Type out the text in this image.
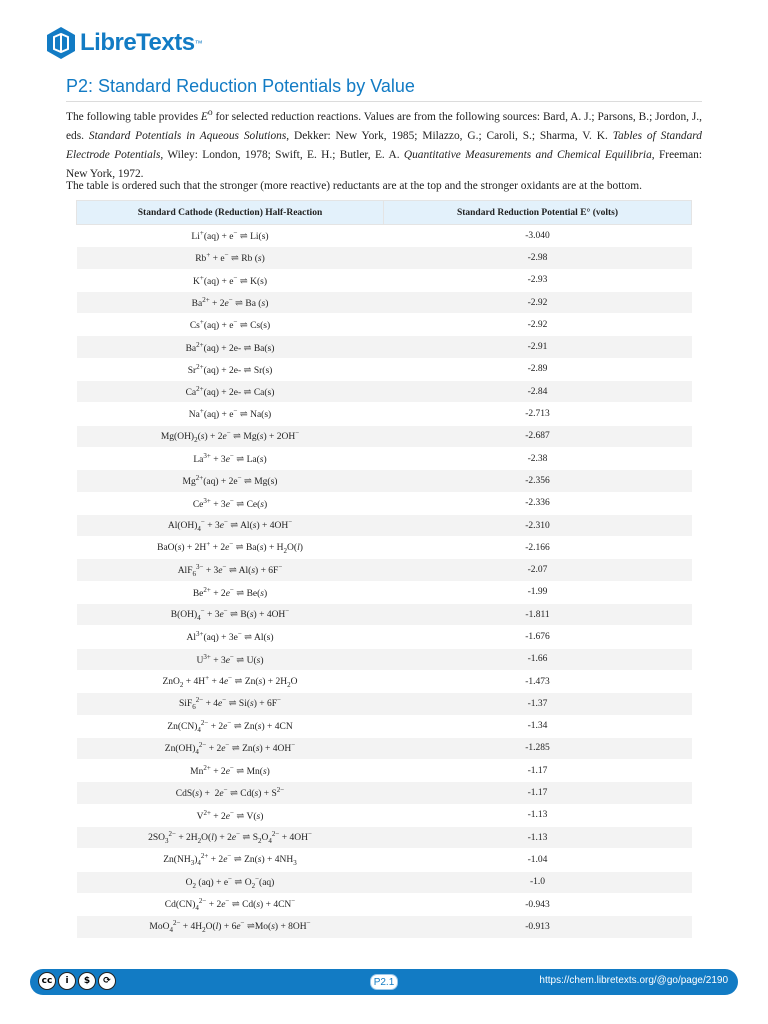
LibreTexts ™
P2: Standard Reduction Potentials by Value

The following table provides $E^o$ for selected reduction reactions. Values are from the following sources: Bard, A. J.; Parsons, B.; Jordon, J., eds. Standard Potentials in Aqueous Solutions, Dekker: New York, 1985; Milazzo, G.; Caroli, S.; Sharma, V. K. Tables of Standard Electrode Potentials, Wiley: London, 1978; Swift, E. H.; Butler, E. A. Quantitative Measurements and Chemical Equilibria, Freeman: New York, 1972.

The table is ordered such that the stronger (more reactive) reductants are at the top and the stronger oxidants are at the bottom.

Standard Cathode (Reduction) Half-Reaction	Standard Reduction Potential E° (volts)
Li+(aq) + e− ⇌ Li(s)	-3.040
Rb+ + e− ⇌ Rb (s)	-2.98
K+(aq) + e− ⇌ K(s)	-2.93
$Ba^{2+} + 2e^-$ ⇌ Ba (s)	-2.92
Cs+(aq) + e− ⇌ Cs(s)	-2.92
$Ba^{2+}(aq) + 2e-$ ⇌ Ba(s)	-2.91
$Sr^{2+}(aq) + 2e-$ ⇌ Sr(s)	-2.89
$Ca^{2+}(aq) + 2e-$ ⇌ Ca(s)	-2.84
Na+(aq) + e− ⇌ Na(s)	-2.713
$Mg(OH)_2(s) + 2e^-$ ⇌ Mg(s) + 2OH−	-2.687
$La^{3+} + 3e^-$ ⇌ La(s)	-2.38
$Mg^{2+}(aq) + 2e^-$ ⇌ Mg(s)	-2.356
$Ce^{3+} + 3e^-$ ⇌ Ce(s)	-2.336
$Al(OH)_4^- + 3e^-$ ⇌ Al(s) + 4OH−	-2.310
BaO(s) + 2H+ + 2e− ⇌ $Ba(s) + H_2O(l)$	-2.166
AlF$_6^{3-}$ + 3e− ⇌ Al(s) + 6F−	-2.07
$Be^{2+} + 2e^-$ ⇌ Be(s)	-1.99
$B(OH)_4^- + 3e^-$ ⇌ B(s) + 4OH−	-1.811
$Al^{3+}(aq) + 3e^-$ ⇌ Al(s)	-1.676
$U^{3+} + 3e^-$ ⇌ U(s)	-1.66
ZnO$_2$ + 4H+ + 4e− ⇌ $Zn(s) + 2H_2O$	-1.473
SiF$_6^{2-}$ + 4e− ⇌ Si(s) + 6F−	-1.37
$Zn(CN)_4^{2-} + 2e^-$ ⇌ Zn(s) + 4CN	-1.34
$Zn(OH)_4^{2-} + 2e^-$ ⇌ Zn(s) + 4OH−	-1.285
$Mn^{2+} + 2e^-$ ⇌ Mn(s)	-1.17
CdS(s) +  2e− ⇌ $Cd(s) + S^{2-}$	-1.17
$V^{2+} + 2e^-$ ⇌ V(s)	-1.13
$2SO_3^{2-} + 2H_2O(l) + 2e^-$ ⇌ $S_2O_4^{2-} + 4OH^-$	-1.13
$Zn(NH_3)_4^{2+} + 2e^-$ ⇌ $Zn(s) + 4NH_3$	-1.04
$O_2$ (aq) + e− ⇌ $O_2^-(aq)$	-1.0
$Cd(CN)_4^{2-} + 2e^-$ ⇌ Cd(s) + 4CN−	-0.943
$MoO_4^{2-} + 4H_2O(l) + 6e^-$ ⇌Mo(s) + 8OH−	-0.913
cc	i	$	⟳	P2.1	https://chem.libretexts.org/@go/page/2190
